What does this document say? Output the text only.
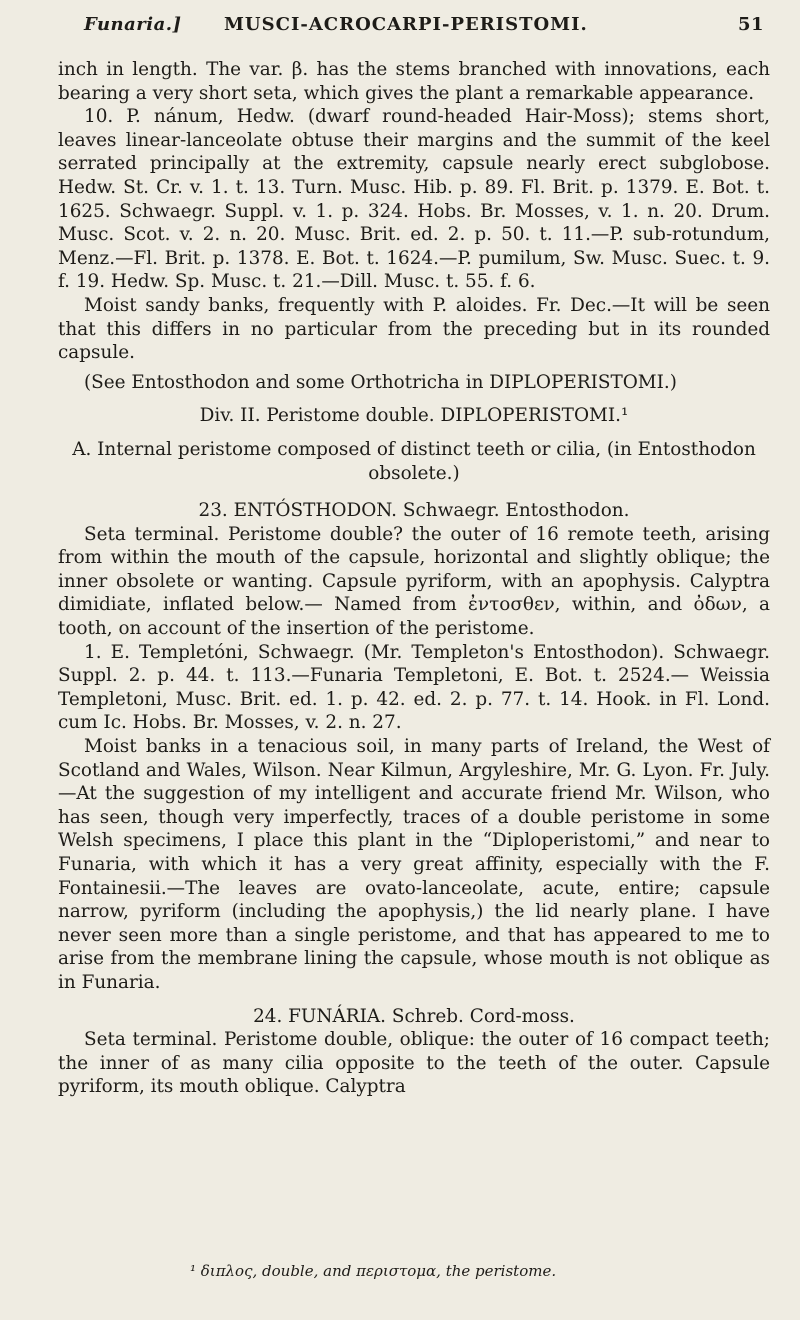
Funaria.] MUSCI-ACROCARPI-PERISTOMI.	51

inch in length. The var. β. has the stems branched with innovations, each bearing a very short seta, which gives the plant a remarkable appearance.

10. P. nánum, Hedw. (dwarf round-headed Hair-Moss); stems short, leaves linear-lanceolate obtuse their margins and the summit of the keel serrated principally at the extremity, capsule nearly erect subglobose. Hedw. St. Cr. v. 1. t. 13. Turn. Musc. Hib. p. 89. Fl. Brit. p. 1379. E. Bot. t. 1625. Schwaegr. Suppl. v. 1. p. 324. Hobs. Br. Mosses, v. 1. n. 20. Drum. Musc. Scot. v. 2. n. 20. Musc. Brit. ed. 2. p. 50. t. 11.—P. sub-rotundum, Menz.—Fl. Brit. p. 1378. E. Bot. t. 1624.—P. pumilum, Sw. Musc. Suec. t. 9. f. 19. Hedw. Sp. Musc. t. 21.—Dill. Musc. t. 55. f. 6.

Moist sandy banks, frequently with P. aloides. Fr. Dec.—It will be seen that this differs in no particular from the preceding but in its rounded capsule.

(See Entosthodon and some Orthotricha in DIPLOPERISTOMI.)

Div. II. Peristome double. DIPLOPERISTOMI.¹

A. Internal peristome composed of distinct teeth or cilia, (in Entosthodon obsolete.)

23. ENTÓSTHODON. Schwaegr. Entosthodon.

Seta terminal. Peristome double? the outer of 16 remote teeth, arising from within the mouth of the capsule, horizontal and slightly oblique; the inner obsolete or wanting. Capsule pyriform, with an apophysis. Calyptra dimidiate, inflated below.— Named from ἐντοσθεν, within, and ὀδων, a tooth, on account of the insertion of the peristome.

1. E. Templetóni, Schwaegr. (Mr. Templeton's Entosthodon). Schwaegr. Suppl. 2. p. 44. t. 113.—Funaria Templetoni, E. Bot. t. 2524.— Weissia Templetoni, Musc. Brit. ed. 1. p. 42. ed. 2. p. 77. t. 14. Hook. in Fl. Lond. cum Ic. Hobs. Br. Mosses, v. 2. n. 27.

Moist banks in a tenacious soil, in many parts of Ireland, the West of Scotland and Wales, Wilson. Near Kilmun, Argyleshire, Mr. G. Lyon. Fr. July.—At the suggestion of my intelligent and accurate friend Mr. Wilson, who has seen, though very imperfectly, traces of a double peristome in some Welsh specimens, I place this plant in the “Diploperistomi,” and near to Funaria, with which it has a very great affinity, especially with the F. Fontainesii.—The leaves are ovato-lanceolate, acute, entire; capsule narrow, pyriform (including the apophysis,) the lid nearly plane. I have never seen more than a single peristome, and that has appeared to me to arise from the membrane lining the capsule, whose mouth is not oblique as in Funaria.

24. FUNÁRIA. Schreb. Cord-moss.

Seta terminal. Peristome double, oblique: the outer of 16 compact teeth; the inner of as many cilia opposite to the teeth of the outer. Capsule pyriform, its mouth oblique. Calyptra

¹ διπλος, double, and περιστομα, the peristome.
